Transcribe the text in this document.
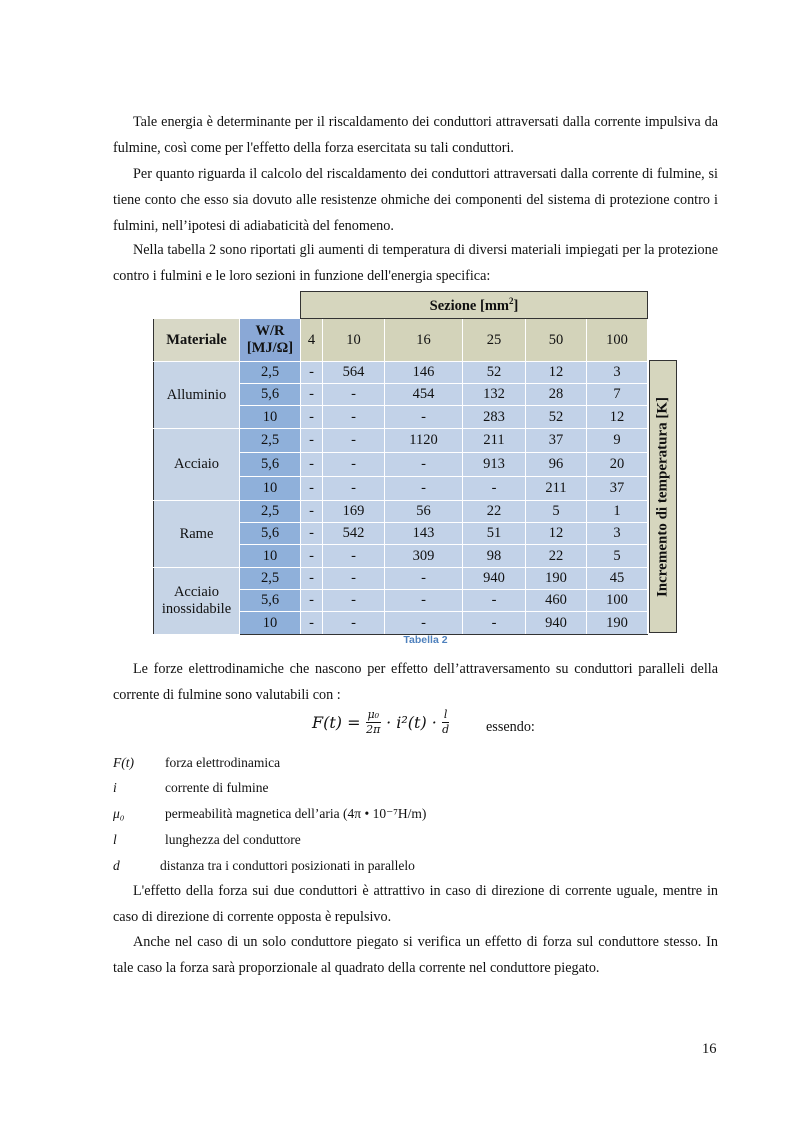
Tale energia è determinante per il riscaldamento dei conduttori attraversati dalla corrente impulsiva da fulmine, così come per l'effetto della forza esercitata su tali conduttori.

Per quanto riguarda il calcolo del riscaldamento dei conduttori attraversati dalla corrente di fulmine, si tiene conto che esso sia dovuto alle resistenze ohmiche dei componenti del sistema di protezione contro i fulmini, nell’ipotesi di adiabaticità del fenomeno.

Nella tabella 2 sono riportati gli aumenti di temperatura di diversi materiali impiegati per la protezione contro i fulmini e le loro sezioni in funzione dell'energia specifica:

		Sezione $[mm^2]$					
Materiale	W/R
[MJ/Ω]	4	10	16	25	50	100
Alluminio	2,5	-	564	146	52	12	3
	5,6	-	-	454	132	28	7
	10	-	-	-	283	52	12
Acciaio	2,5	-	-	1120	211	37	9
	5,6	-	-	-	913	96	20
	10	-	-	-	-	211	37
Rame	2,5	-	169	56	22	5	1
	5,6	-	542	143	51	12	3
	10	-	-	309	98	22	5
Acciaio
inossidabile	2,5	-	-	-	940	190	45
	5,6	-	-	-	-	460	100
	10	-	-	-	-	940	190
Incremento di temperatura [K]
Tabella 2

Le forze elettrodinamiche che nascono per effetto dell’attraversamento su conduttori paralleli della corrente di fulmine sono valutabili con :

$F(t) = \frac{\text{μ₀}}{2\pi} \cdot i^2(t) \cdot \frac{l}{d}$	essendo:
F(t) forza elettrodinamica
i	corrente di fulmine
μ₀	permeabilità magnetica dell’aria (4π • 10⁻⁷H/m)
l	lunghezza del conduttore
d	distanza tra i conduttori posizionati in parallelo

L'effetto della forza sui due conduttori è attrattivo in caso di direzione di corrente uguale, mentre in caso di direzione di corrente opposta è repulsivo.

Anche nel caso di un solo conduttore piegato si verifica un effetto di forza sul conduttore stesso. In tale caso la forza sarà proporzionale al quadrato della corrente nel conduttore piegato.

16
